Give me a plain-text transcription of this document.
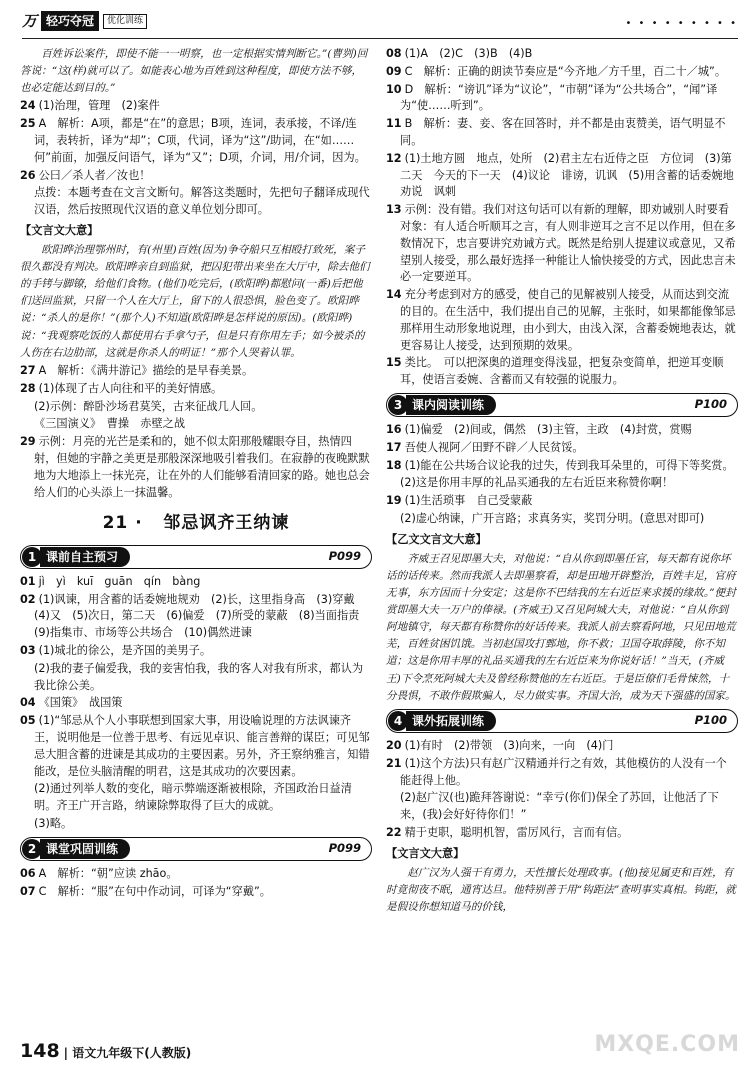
万 轻巧夺冠	优化训练	• • • • • • • • •
百姓诉讼案件，即使不能一一明察，也一定根据实情判断它。”(曹刿)回答说：“这(样)就可以了。如能表心地为百姓到这种程度，即使方法不够，也必定能达到目的。”
24 (1)治理，管理　(2)案件
25 A　解析：A项，都是“在”的意思；B项，连词，表承接，不译/连词，表转折，译为“却”；C项，代词，译为“这”/助词，在“如……何”前面，加强反问语气，译为“又”；D项，介词，用/介词，因为。
26 公曰／杀人者／汝也！
点拨：本题考查在文言文断句。解答这类题时，先把句子翻译成现代汉语，然后按照现代汉语的意义单位划分即可。
【文言文大意】
欧阳晔治理鄂州时，有(州里)百姓(因为)争夺船只互相殴打致死，案子很久都没有判决。欧阳晔亲自到监狱，把囚犯带出来坐在大厅中，除去他们的手铐与脚镣，给他们食物。(他们)吃完后，(欧阳晔)都慰问(一番)后把他们送回监狱，只留一个人在大厅上，留下的人很恐惧，脸色变了。欧阳晔说：“杀人的是你！”(那个人)不知道(欧阳晔是怎样说的原因)。(欧阳晔)说：“我观察吃饭的人都使用右手拿勺子，但是只有你用左手；如今被杀的人伤在右边肋部，这就是你杀人的明证！”那个人哭着认罪。
27 A　解析：《满井游记》描绘的是早春美景。
28 (1)体现了古人向往和平的美好情感。
(2)示例：醉卧沙场君莫笑，古来征战几人回。
《三国演义》　曹操　赤壁之战
29 示例：月亮的光芒是柔和的，她不似太阳那般耀眼夺目，热情四射，但她的宇静之美更是那般深深地吸引着我们。在寂静的夜晚默默地为大地添上一抹光亮，让在外的人们能够看清回家的路。她也总会给人们的心头添上一抹温馨。
21 ·   邹忌讽齐王纳谏
1 课前自主预习	P099
01 jì　yì　kuī　guān　qín　bàng
02 (1)讽谏，用含蓄的话委婉地规劝　(2)长，这里指身高　(3)穿戴　(4)又　(5)次日，第二天　(6)偏爱　(7)所受的蒙蔽　(8)当面指责　(9)指集市、市场等公共场合　(10)偶然进谏
03 (1)城北的徐公，是齐国的美男子。
(2)我的妻子偏爱我，我的妾害怕我，我的客人对我有所求，都认为我比徐公美。
04 《国策》　战国策
05 (1)“邹忌从个人小事联想到国家大事，用设喻说理的方法讽谏齐王，说明他是一位善于思考、有远见卓识、能言善辩的谋臣；可见邹忌大胆含蓄的进谏是其成功的主要因素。另外，齐王察纳雅言，知错能改，是位头脑清醒的明君，这是其成功的次要因素。
(2)通过列举人数的变化，暗示弊端逐渐被根除，齐国政治日益清明。齐王广开言路，纳谏除弊取得了巨大的成就。
(3)略。
2 课堂巩固训练	P099
06 A　解析：“朝”应读 zhāo。
07 C　解析：“服”在句中作动词，可译为“穿戴”。
08 (1)A　(2)C　(3)B　(4)B
09 C　解析：正确的朗读节奏应是“今齐地／方千里，百二十／城”。
10 D　解析：“谤讥”译为“议论”，“市朝”译为“公共场合”，“闻”译为“使……听到”。
11 B　解析：妻、妾、客在回答时，并不都是由衷赞美，语气明显不同。
12 (1)土地方圆　地点，处所　(2)君主左右近侍之臣　方位词　(3)第二天　今天的下一天　(4)议论　诽谤，讥讽　(5)用含蓄的话委婉地劝说　讽刺
13 示例：没有错。我们对这句话可以有新的理解，即劝诫别人时要看对象：有人适合听顺耳之言，有人则非逆耳之言不足以作用，但在多数情况下，忠言要讲究劝诫方式。既然是给别人提建议或意见，又希望别人接受，那么最好选择一种能让人愉快接受的方式，因此忠言未必一定要逆耳。
14 充分考虑到对方的感受，使自己的见解被别人接受，从而达到交流的目的。在生活中，我们提出自己的见解，主张时，如果都能像邹忌那样用生动形象地说理，由小到大，由浅入深，含蓄委婉地表达，就更容易让人接受，达到预期的效果。
15 类比。　可以把深奥的道理变得浅显，把复杂变简单，把逆耳变顺耳，使语言委婉、含蓄而又有较强的说服力。
3 课内阅读训练	P100
16 (1)偏爱　(2)间或，偶然　(3)主管，主政　(4)封赏，赏赐
17 吾使人视阿／田野不辟／人民贫馁。
18 (1)能在公共场合议论我的过失，传到我耳朵里的，可得下等奖赏。
(2)这是你用丰厚的礼品买通我的左右近臣来称赞你啊！
19 (1)生活琐事　自己受蒙蔽
(2)虚心纳谏，广开言路；求真务实，奖罚分明。(意思对即可)
【乙文文言文大意】
齐威王召见即墨大夫，对他说：“自从你到即墨任官，每天都有说你坏话的话传来。然而我派人去即墨察看，却是田地开辟整治，百姓丰足，官府无事，东方因而十分安定；这是你不巴结我的左右近臣来求援的缘故。”便封赏即墨大夫一万户的俸禄。(齐威王)又召见阿城大夫，对他说：“自从你到阿地镇守，每天都有称赞你的好话传来。我派人前去察看阿地，只见田地荒芜，百姓贫困饥饿。当初赵国攻打鄄地，你不救；卫国夺取薛陵，你不知道；这是你用丰厚的礼品买通我的左右近臣来为你说好话！”当天，(齐威王)下令烹死阿城大夫及曾经称赞他的左右近臣。于是臣僚们毛骨悚然，十分畏惧，不敢作假欺骗人，尽力做实事。齐国大治，成为天下强盛的国家。
4 课外拓展训练	P100
20 (1)有时　(2)带领　(3)向来，一向　(4)门
21 (1)这个方法)只有赵广汉精通并行之有效，其他模仿的人没有一个能赶得上他。
(2)赵广汉(也)跪拜答谢说：“幸亏(你们)保全了苏回，让他活了下来，(我)会好好待你们！”
22 精于吏职，聪明机智，雷厉风行，言而有信。
【文言文大意】
赵广汉为人强干有勇力，天性擅长处理政事。(他)接见属吏和百姓，有时竟彻夜不眠，通宵达旦。他特别善于用“钩距法”查明事实真相。钩距，就是假设你想知道马的价钱，
148 | 语文九年级下(人教版)	MXQE.COM
